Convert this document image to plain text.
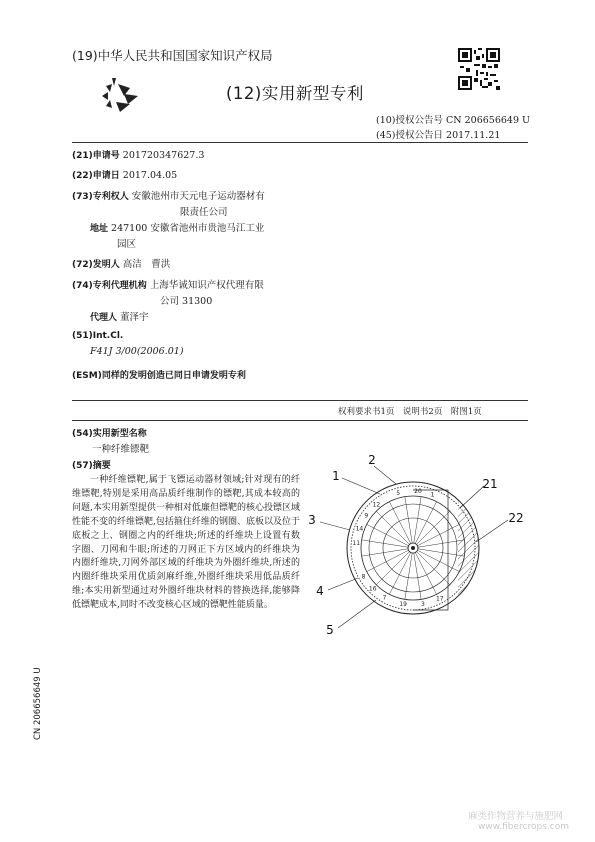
(19)中华人民共和国国家知识产权局
(12)实用新型专利
(10)授权公告号 CN 206656649 U
(45)授权公告日 2017.11.21
(21)申请号 201720347627.3
(22)申请日 2017.04.05
(73)专利权人 安徽池州市天元电子运动器材有
限责任公司
地址 247100 安徽省池州市贵池马江工业
园区
(72)发明人 高洁　曹洪
(74)专利代理机构 上海华诚知识产权代理有限
公司 31300
代理人 董泽宇
(51)Int.Cl.
F41J 3/00(2006.01)
(ESM)同样的发明创造已同日申请发明专利
权利要求书1页　说明书2页　附图1页
(54)实用新型名称
一种纤维镖靶
(57)摘要
一种纤维镖靶,属于飞镖运动器材领域;针对现有的纤维镖靶,特别是采用高品质纤维制作的镖靶,其成本较高的问题,本实用新型提供一种相对低廉但镖靶的核心投镖区域性能不变的纤维镖靶,包括箍住纤维的钢圈、底板以及位于底板之上、钢圈之内的纤维块;所述的纤维块上设置有数字圈、刀网和牛眼;所述的刀网正下方区域内的纤维块为内圈纤维块,刀网外部区域的纤维块为外圈纤维块,所述的内圈纤维块采用优质剑麻纤维,外圈纤维块采用低品质纤维;本实用新型通过对外圈纤维块材料的替换选择,能够降低镖靶成本,同时不改变核心区域的镖靶性能质量。
5 20 1
12
9
14
11
8
16
7
19 3
17
1
2
3
4
5
21
22
CN 206656649 U
麻类作物营养与施肥网
www.fibercrops.com
